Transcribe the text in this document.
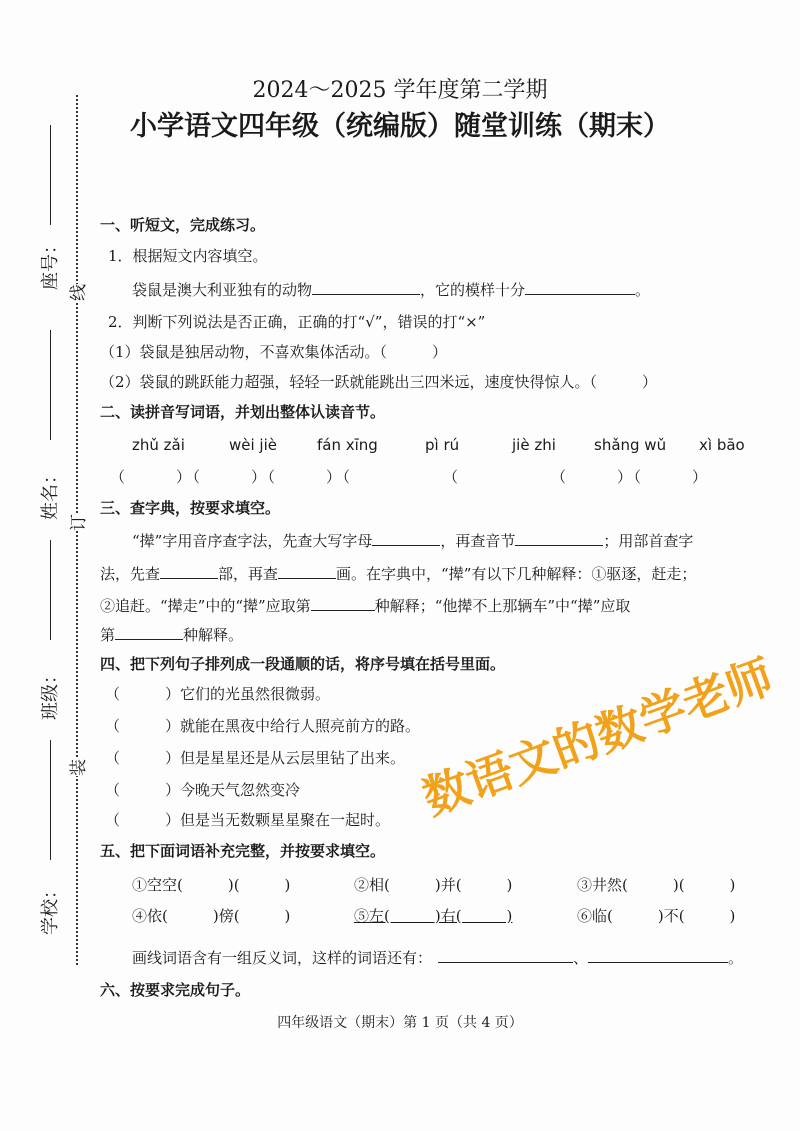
2024～2025 学年度第二学期
小学语文四年级（统编版）随堂训练（期末）
座号：
姓名：
班级：
学校：
线
订
装
一、听短文，完成练习。
1．根据短文内容填空。
袋鼠是澳大利亚独有的动物	，它的模样十分	。
2．判断下列说法是否正确，正确的打“√”，错误的打“×”
（1）袋鼠是独居动物，不喜欢集体活动。（　　　）
（2）袋鼠的跳跃能力超强，轻轻一跃就能跳出三四米远，速度快得惊人。（　　　）
二、读拼音写词语，并划出整体认读音节。
zhǔ zǎi	wèi jiè	fán xīng	pì rú	jiè zhi	shǎng wǔ xì bāo
（　　　）（　　　）（　　　）（　　　　　　（　　　　　　（　　　）（　　　）
三、查字典，按要求填空。
“撵”字用音序查字法，先查大写字母	，再查音节	；用部首查字
法，先查	部，再查	画。在字典中，“撵”有以下几种解释：①驱逐，赶走；
②追赶。“撵走”中的“撵”应取第	种解释；“他撵不上那辆车”中“撵”应取
第	种解释。
四、把下列句子排列成一段通顺的话，将序号填在括号里面。
（　　　）它们的光虽然很微弱。
（　　　）就能在黑夜中给行人照亮前方的路。
（　　　）但是星星还是从云层里钻了出来。
（　　　）今晚天气忽然变冷
（　　　）但是当无数颗星星聚在一起时。
五、把下面词语补充完整，并按要求填空。
①空空(　　　)(　　　)	②相(　　　)并(　　　)	③井然(　　　)(　　　)
④依(　　　)傍(　　　)	⑤左(　　　)右(　　　)	⑥临(　　　)不(　　　)
画线词语含有一组反义词，这样的词语还有：	、	。
六、按要求完成句子。
四年级语文（期末）第 1 页（共 4 页）
数语文的数学老师
